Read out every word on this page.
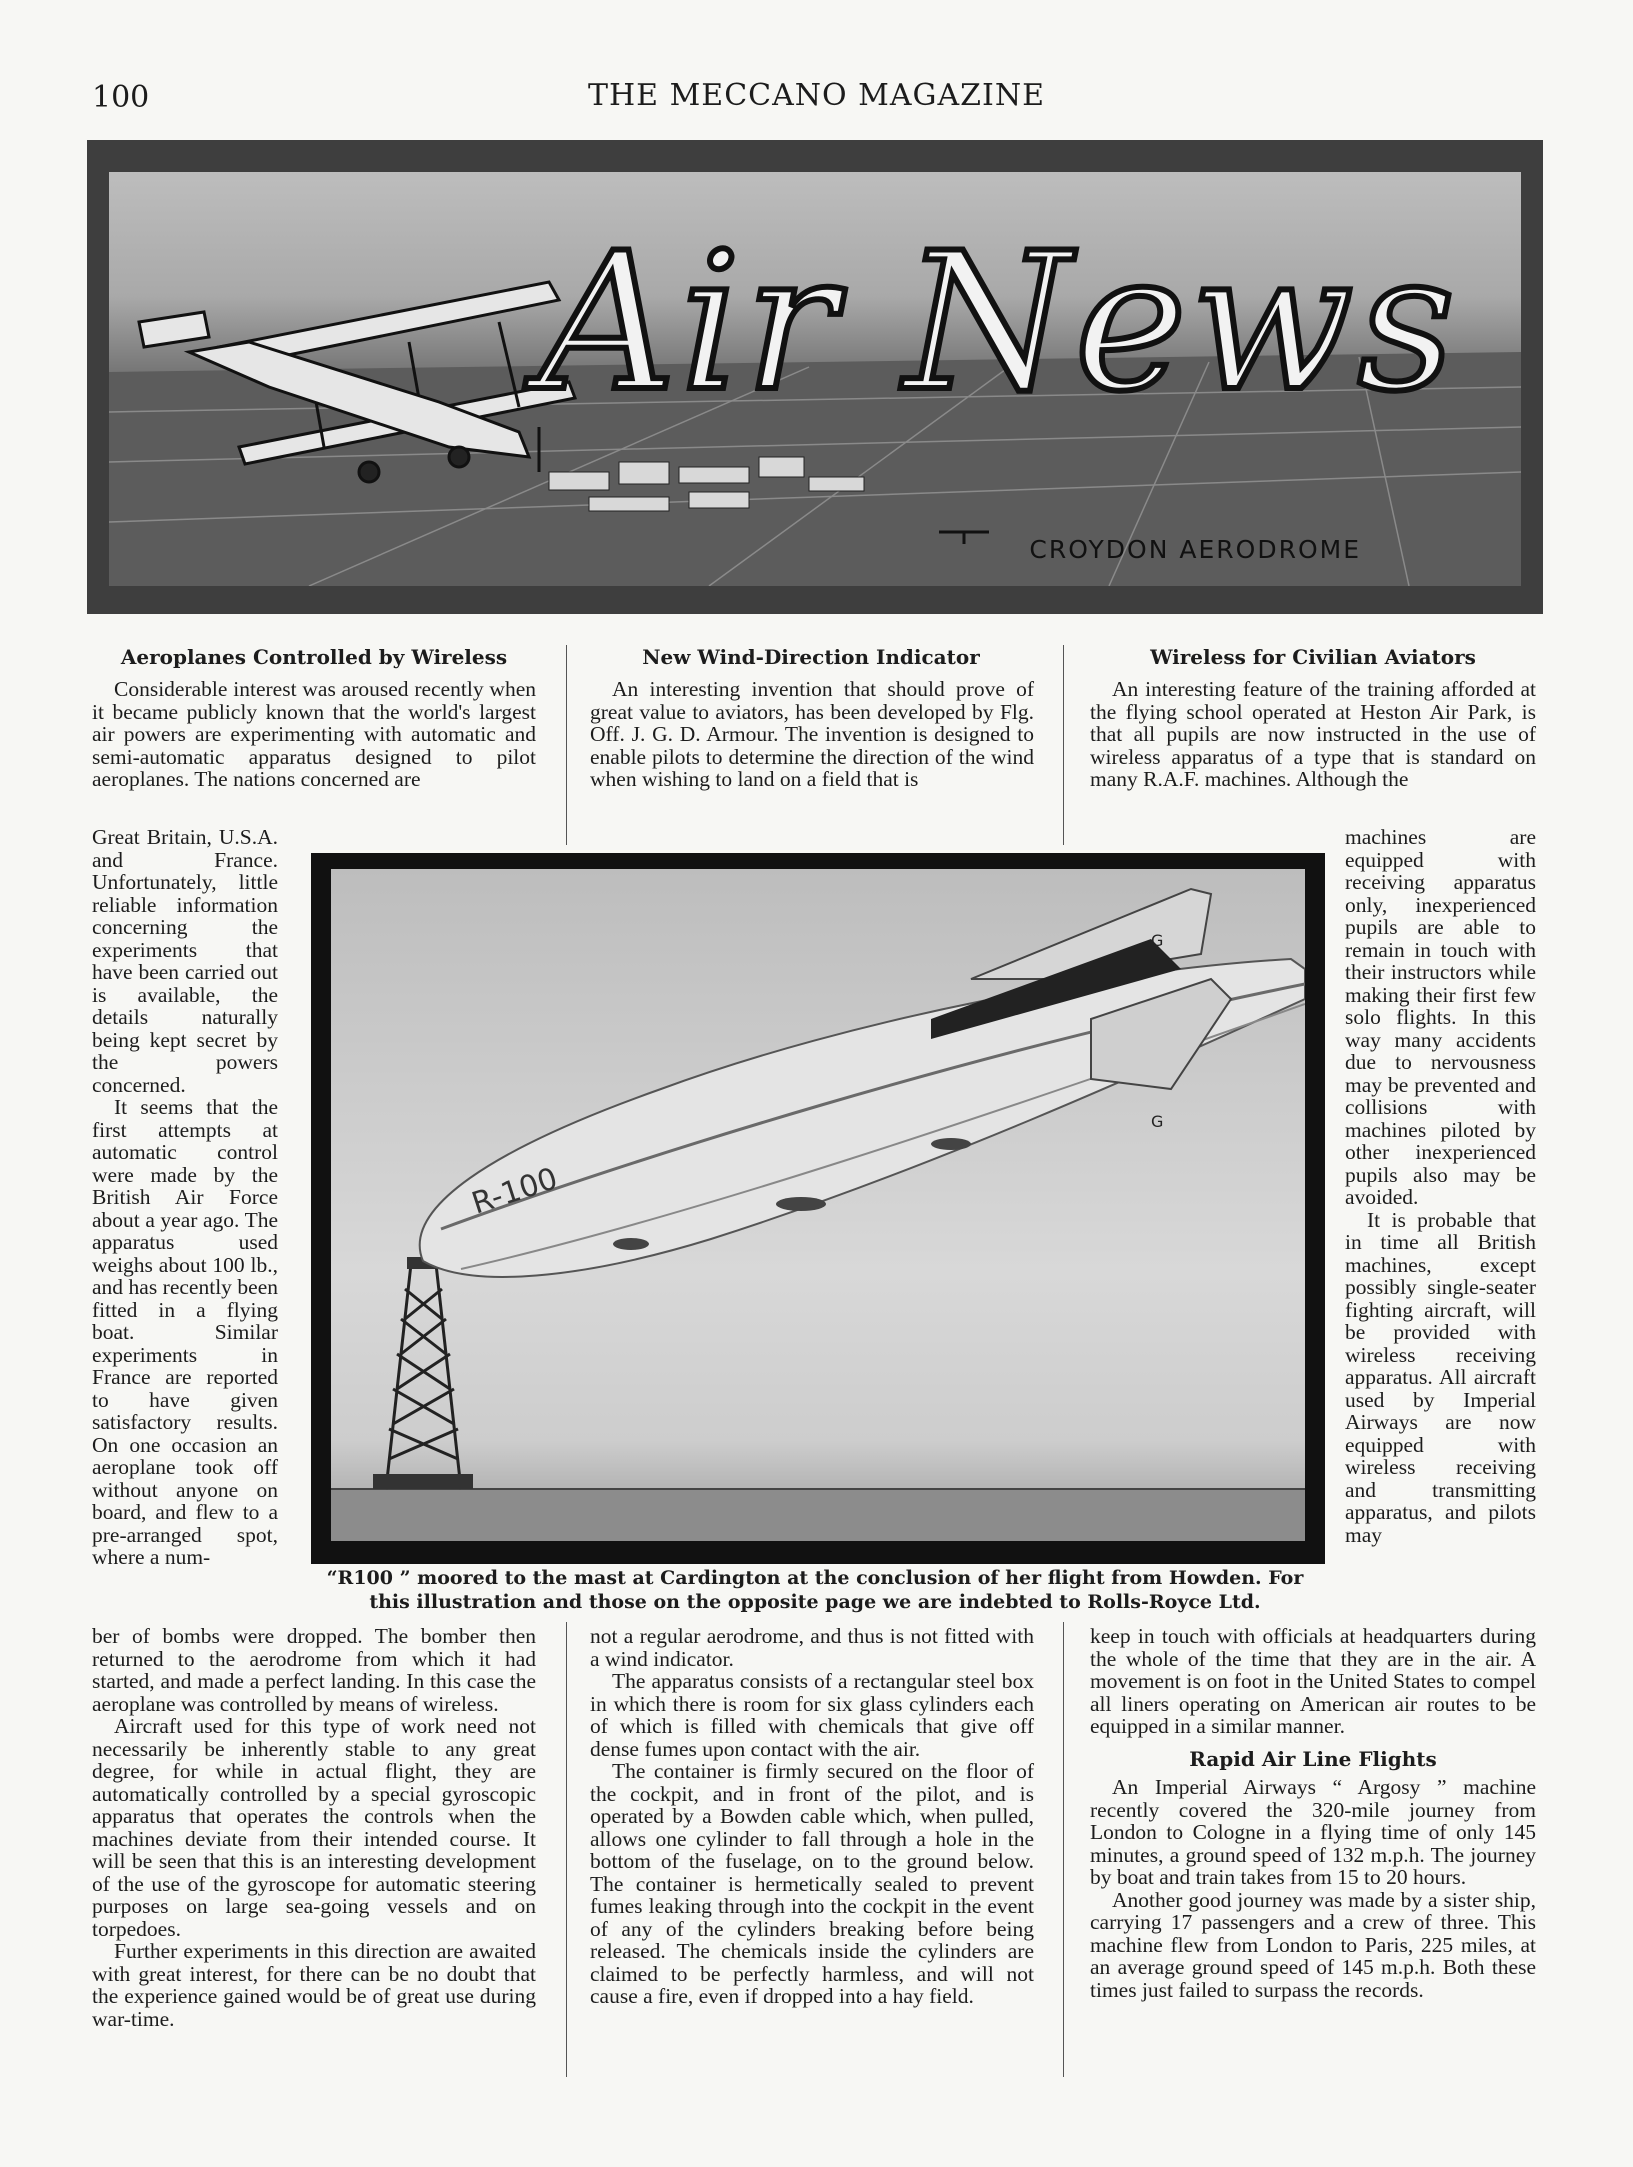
100	THE MECCANO MAGAZINE
Air News
CROYDON AERODROME
Aeroplanes Controlled by Wireless

Considerable interest was aroused recently when it became publicly known that the world's largest air powers are experimenting with automatic and semi-automatic apparatus designed to pilot aeroplanes. The nations concerned are

Great Britain, U.S.A. and France. Unfortunately, little reliable information concerning the experiments that have been carried out is available, the details naturally being kept secret by the powers concerned.

It seems that the first attempts at automatic control were made by the British Air Force about a year ago. The apparatus used weighs about 100 lb., and has recently been fitted in a flying boat. Similar experiments in France are reported to have given satisfactory results. On one occasion an aeroplane took off without anyone on board, and flew to a pre-arranged spot, where a num-

ber of bombs were dropped. The bomber then returned to the aerodrome from which it had started, and made a perfect landing. In this case the aeroplane was controlled by means of wireless.

Aircraft used for this type of work need not necessarily be inherently stable to any great degree, for while in actual flight, they are automatically controlled by a special gyroscopic apparatus that operates the controls when the machines deviate from their intended course. It will be seen that this is an interesting development of the use of the gyroscope for automatic steering purposes on large sea-going vessels and on torpedoes.

Further experiments in this direction are awaited with great interest, for there can be no doubt that the experience gained would be of great use during war-time.

New Wind-Direction Indicator

An interesting invention that should prove of great value to aviators, has been developed by Flg. Off. J. G. D. Armour. The invention is designed to enable pilots to determine the direction of the wind when wishing to land on a field that is

not a regular aerodrome, and thus is not fitted with a wind indicator.

The apparatus consists of a rectangular steel box in which there is room for six glass cylinders each of which is filled with chemicals that give off dense fumes upon contact with the air.

The container is firmly secured on the floor of the cockpit, and in front of the pilot, and is operated by a Bowden cable which, when pulled, allows one cylinder to fall through a hole in the bottom of the fuselage, on to the ground below. The container is hermetically sealed to prevent fumes leaking through into the cockpit in the event of any of the cylinders breaking before being released. The chemicals inside the cylinders are claimed to be perfectly harmless, and will not cause a fire, even if dropped into a hay field.

Wireless for Civilian Aviators

An interesting feature of the training afforded at the flying school operated at Heston Air Park, is that all pupils are now instructed in the use of wireless apparatus of a type that is standard on many R.A.F. machines. Although the

machines are equipped with receiving apparatus only, inexperienced pupils are able to remain in touch with their instructors while making their first few solo flights. In this way many accidents due to nervousness may be prevented and collisions with machines piloted by other inexperienced pupils also may be avoided.

It is probable that in time all British machines, except possibly single-seater fighting aircraft, will be provided with wireless receiving apparatus. All aircraft used by Imperial Airways are now equipped with wireless receiving and transmitting apparatus, and pilots may

keep in touch with officials at headquarters during the whole of the time that they are in the air. A movement is on foot in the United States to compel all liners operating on American air routes to be equipped in a similar manner.

Rapid Air Line Flights

An Imperial Airways “ Argosy ” machine recently covered the 320-mile journey from London to Cologne in a flying time of only 145 minutes, a ground speed of 132 m.p.h. The journey by boat and train takes from 15 to 20 hours.

Another good journey was made by a sister ship, carrying 17 passengers and a crew of three. This machine flew from London to Paris, 225 miles, at an average ground speed of 145 m.p.h. Both these times just failed to surpass the records.

R-100
G
G
“R100 ” moored to the mast at Cardington at the conclusion of her flight from Howden. For
this illustration and those on the opposite page we are indebted to Rolls-Royce Ltd.
